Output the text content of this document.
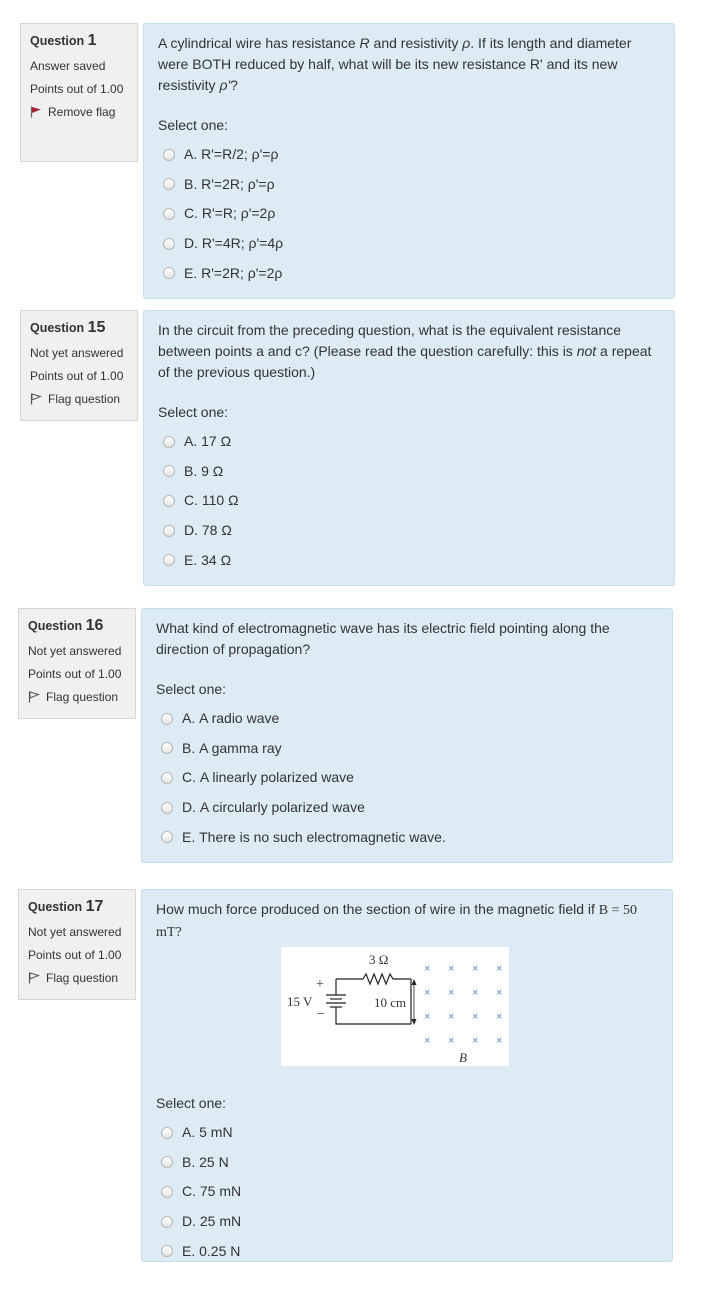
Question 1
Answer saved
Points out of 1.00
Remove flag
A cylindrical wire has resistance R and resistivity ρ. If its length and diameter were BOTH reduced by half, what will be its new resistance R' and its new resistivity ρ'?
Select one:
A.
R'=R/2; ρ'=ρ
B.
R'=2R; ρ'=ρ
C.
R'=R; ρ'=2ρ
D.
R'=4R; ρ'=4ρ
E.
R'=2R; ρ'=2ρ
Question 15
Not yet answered
Points out of 1.00
Flag question
In the circuit from the preceding question, what is the equivalent resistance between points a and c? (Please read the question carefully: this is not a repeat of the previous question.)
Select one:
A.
17 Ω
B.
9 Ω
C.
110 Ω
D.
78 Ω
E.
34 Ω
Question 16
Not yet answered
Points out of 1.00
Flag question
What kind of electromagnetic wave has its electric field pointing along the direction of propagation?
Select one:
A.
A radio wave
B.
A gamma ray
C.
A linearly polarized wave
D.
A circularly polarized wave
E.
There is no such electromagnetic wave.
Question 17
Not yet answered
Points out of 1.00
Flag question
How much force produced on the section of wire in the magnetic field if B = 50 mT?
3 Ω
+
−
15 V	10 cm
B
× × × ×
× × × ×
× × × ×
× × × ×
Select one:
A.
5 mN
B.
25 N
C.
75 mN
D.
25 mN
E.
0.25 N
